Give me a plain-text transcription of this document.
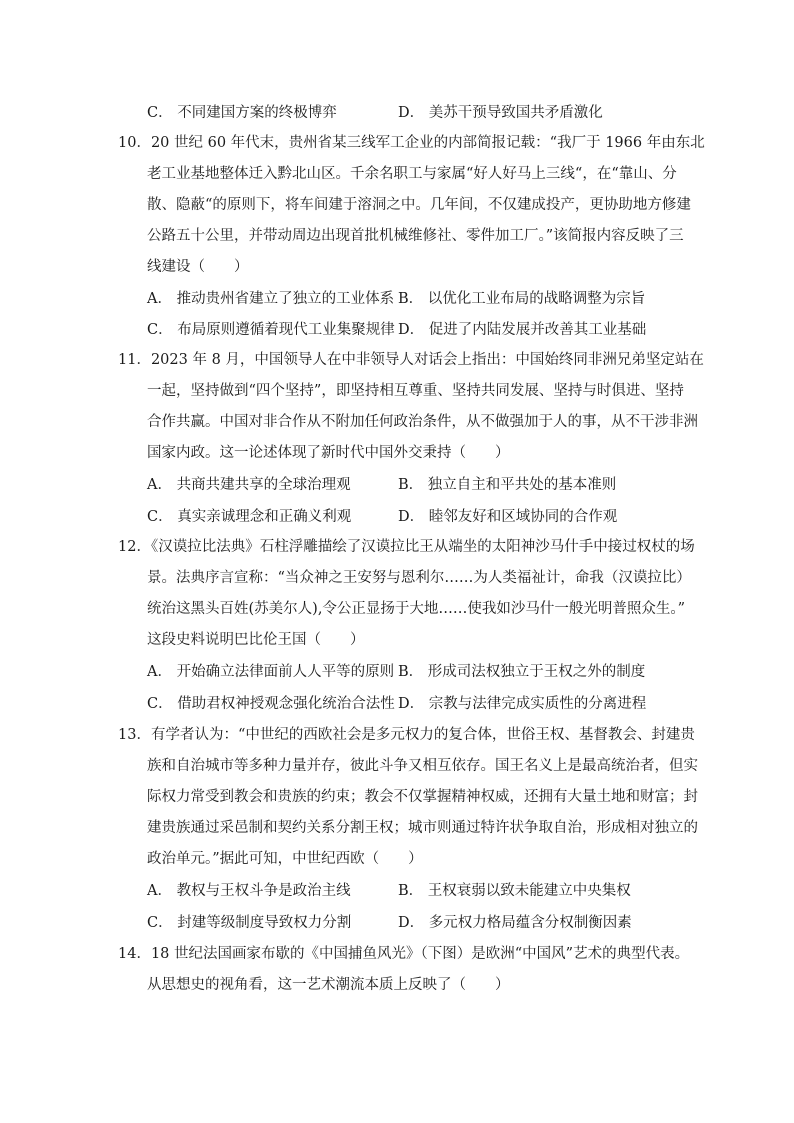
C． 不同建国方案的终极博弈	D． 美苏干预导致国共矛盾激化
10．20 世纪 60 年代末，贵州省某三线军工企业的内部简报记载：“我厂于 1966 年由东北
老工业基地整体迁入黔北山区。千余名职工与家属“好人好马上三线“，在“靠山、分
散、隐蔽“的原则下，将车间建于溶洞之中。几年间，不仅建成投产，更协助地方修建
公路五十公里，并带动周边出现首批机械维修社、零件加工厂。”该简报内容反映了三
线建设（　　）
A． 推动贵州省建立了独立的工业体系 B． 以优化工业布局的战略调整为宗旨
C． 布局原则遵循着现代工业集聚规律 D． 促进了内陆发展并改善其工业基础
11．2023 年 8 月，中国领导人在中非领导人对话会上指出：中国始终同非洲兄弟坚定站在
一起，坚持做到“四个坚持”，即坚持相互尊重、坚持共同发展、坚持与时俱进、坚持
合作共赢。中国对非合作从不附加任何政治条件，从不做强加于人的事，从不干涉非洲
国家内政。这一论述体现了新时代中国外交秉持（　　）
A． 共商共建共享的全球治理观	B． 独立自主和平共处的基本准则
C． 真实亲诚理念和正确义利观	D． 睦邻友好和区域协同的合作观
12．《汉谟拉比法典》石柱浮雕描绘了汉谟拉比王从端坐的太阳神沙马什手中接过权杖的场
景。法典序言宣称：“当众神之王安努与恩利尔……为人类福祉计，命我（汉谟拉比）
统治这黑头百姓(苏美尔人),令公正显扬于大地……使我如沙马什一般光明普照众生。”
这段史料说明巴比伦王国（　　）
A． 开始确立法律面前人人平等的原则 B． 形成司法权独立于王权之外的制度
C． 借助君权神授观念强化统治合法性 D． 宗教与法律完成实质性的分离进程
13．有学者认为：“中世纪的西欧社会是多元权力的复合体，世俗王权、基督教会、封建贵
族和自治城市等多种力量并存，彼此斗争又相互依存。国王名义上是最高统治者，但实
际权力常受到教会和贵族的约束；教会不仅掌握精神权威，还拥有大量土地和财富；封
建贵族通过采邑制和契约关系分割王权；城市则通过特许状争取自治，形成相对独立的
政治单元。”据此可知，中世纪西欧（　　）
A． 教权与王权斗争是政治主线	B． 王权衰弱以致未能建立中央集权
C． 封建等级制度导致权力分割	D． 多元权力格局蕴含分权制衡因素
14．18 世纪法国画家布歇的《中国捕鱼风光》（下图）是欧洲“中国风”艺术的典型代表。
从思想史的视角看，这一艺术潮流本质上反映了（　　）
